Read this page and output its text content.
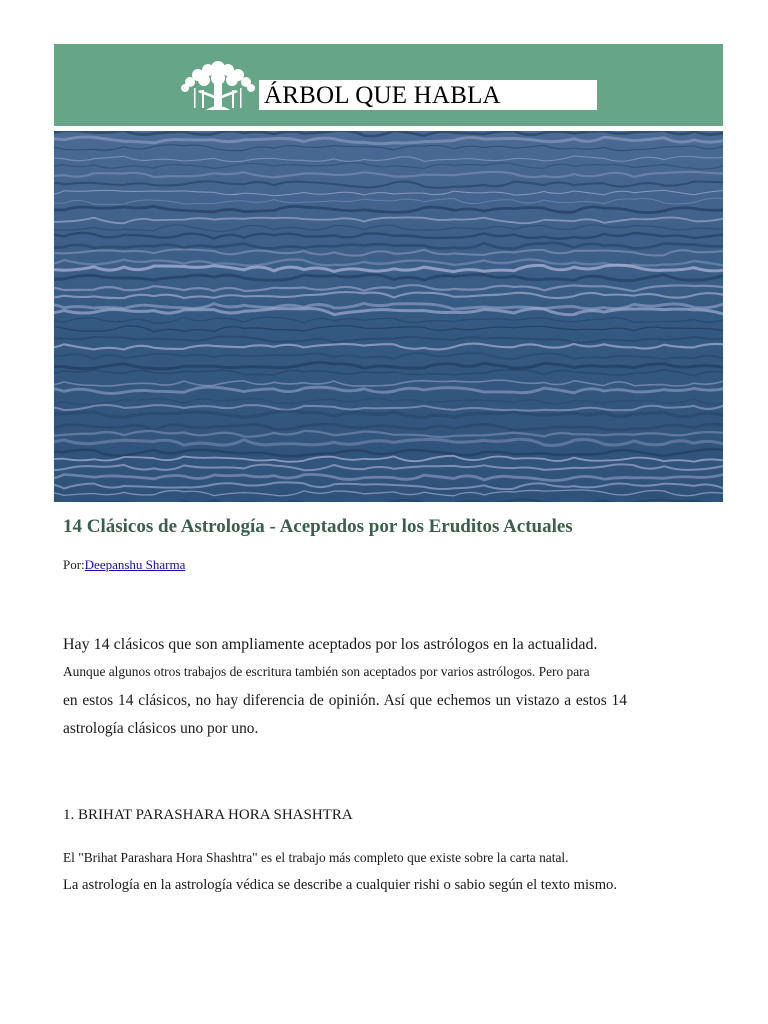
ÁRBOL QUE HABLA
14 Clásicos de Astrología - Aceptados por los Eruditos Actuales
Por:Deepanshu Sharma
Hay 14 clásicos que son ampliamente aceptados por los astrólogos en la actualidad.
Aunque algunos otros trabajos de escritura también son aceptados por varios astrólogos. Pero para
en estos 14 clásicos, no hay diferencia de opinión. Así que echemos un vistazo a estos 14
astrología clásicos uno por uno.
1. BRIHAT PARASHARA HORA SHASHTRA
El "Brihat Parashara Hora Shashtra" es el trabajo más completo que existe sobre la carta natal.
La astrología en la astrología védica se describe a cualquier rishi o sabio según el texto mismo.
